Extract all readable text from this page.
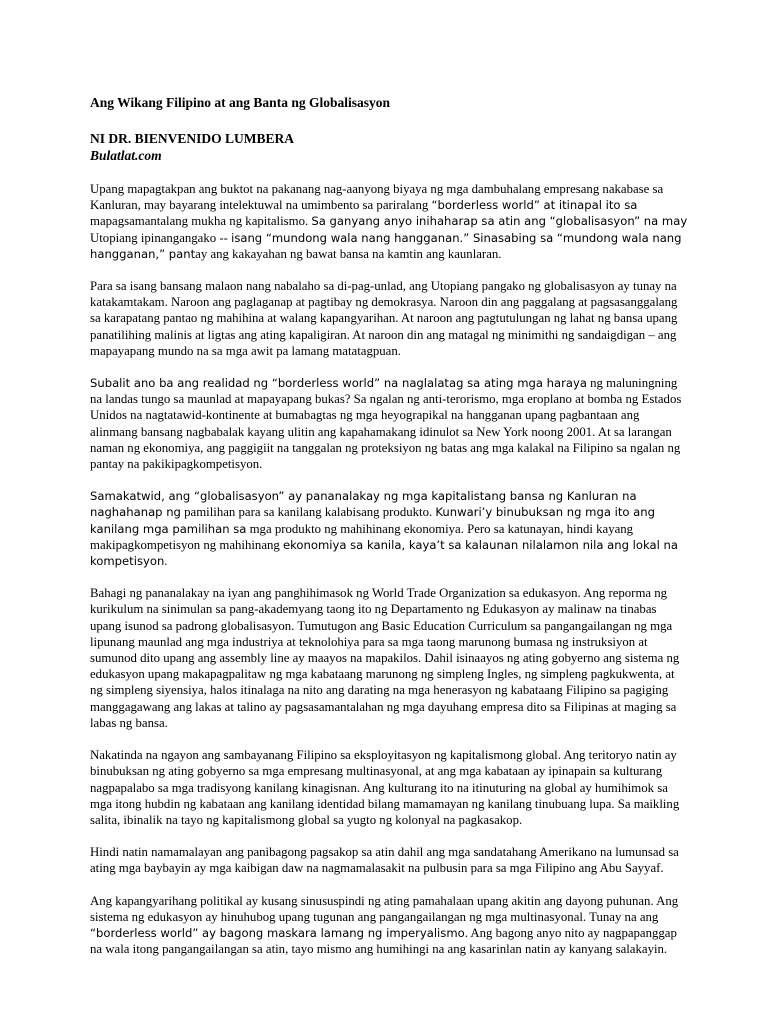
Ang Wikang Filipino at ang Banta ng Globalisasyon
NI DR. BIENVENIDO LUMBERA
Bulatlat.com

Upang mapagtakpan ang buktot na pakanang nag-aanyong biyaya ng mga dambuhalang empresang nakabase sa Kanluran, may bayarang intelektuwal na umimbento sa pariralang “borderless world” at itinapal ito sa mapagsamantalang mukha ng kapitalismo. Sa ganyang anyo inihaharap sa atin ang “globalisasyon” na may Utopiang ipinangangako -- isang “mundong wala nang hangganan.” Sinasabing sa “mundong wala nang hangganan,” pantay ang kakayahan ng bawat bansa na kamtin ang kaunlaran.

Para sa isang bansang malaon nang nabalaho sa di-pag-unlad, ang Utopiang pangako ng globalisasyon ay tunay na katakamtakam. Naroon ang paglaganap at pagtibay ng demokrasya. Naroon din ang paggalang at pagsasanggalang sa karapatang pantao ng mahihina at walang kapangyarihan. At naroon ang pagtutulungan ng lahat ng bansa upang panatilihing malinis at ligtas ang ating kapaligiran. At naroon din ang matagal ng minimithi ng sandaigdigan – ang mapayapang mundo na sa mga awit pa lamang matatagpuan.

Subalit ano ba ang realidad ng “borderless world” na naglalatag sa ating mga haraya ng maluningning na landas tungo sa maunlad at mapayapang bukas? Sa ngalan ng anti-terorismo, mga eroplano at bomba ng Estados Unidos na nagtatawid-kontinente at bumabagtas ng mga heyograpikal na hangganan upang pagbantaan ang alinmang bansang nagbabalak kayang ulitin ang kapahamakang idinulot sa New York noong 2001. At sa larangan naman ng ekonomiya, ang paggigiit na tanggalan ng proteksiyon ng batas ang mga kalakal na Filipino sa ngalan ng pantay na pakikipagkompetisyon.

Samakatwid, ang “globalisasyon” ay pananalakay ng mga kapitalistang bansa ng Kanluran na naghahanap ng pamilihan para sa kanilang kalabisang produkto. Kunwari’y binubuksan ng mga ito ang kanilang mga pamilihan sa mga produkto ng mahihinang ekonomiya. Pero sa katunayan, hindi kayang makipagkompetisyon ng mahihinang ekonomiya sa kanila, kaya’t sa kalaunan nilalamon nila ang lokal na kompetisyon.

Bahagi ng pananalakay na iyan ang panghihimasok ng World Trade Organization sa edukasyon. Ang reporma ng kurikulum na sinimulan sa pang-akademyang taong ito ng Departamento ng Edukasyon ay malinaw na tinabas upang isunod sa padrong globalisasyon. Tumutugon ang Basic Education Curriculum sa pangangailangan ng mga lipunang maunlad ang mga industriya at teknolohiya para sa mga taong marunong bumasa ng instruksiyon at sumunod dito upang ang assembly line ay maayos na mapakilos. Dahil isinaayos ng ating gobyerno ang sistema ng edukasyon upang makapagpalitaw ng mga kabataang marunong ng simpleng Ingles, ng simpleng pagkukwenta, at ng simpleng siyensiya, halos itinalaga na nito ang darating na mga henerasyon ng kabataang Filipino sa pagiging manggagawang ang lakas at talino ay pagsasamantalahan ng mga dayuhang empresa dito sa Filipinas at maging sa labas ng bansa.

Nakatinda na ngayon ang sambayanang Filipino sa eksployitasyon ng kapitalismong global. Ang teritoryo natin ay binubuksan ng ating gobyerno sa mga empresang multinasyonal, at ang mga kabataan ay ipinapain sa kulturang nagpapalabo sa mga tradisyong kanilang kinagisnan. Ang kulturang ito na itinuturing na global ay humihimok sa mga itong hubdin ng kabataan ang kanilang identidad bilang mamamayan ng kanilang tinubuang lupa. Sa maikling salita, ibinalik na tayo ng kapitalismong global sa yugto ng kolonyal na pagkasakop.

Hindi natin namamalayan ang panibagong pagsakop sa atin dahil ang mga sandatahang Amerikano na lumunsad sa ating mga baybayin ay mga kaibigan daw na nagmamalasakit na pulbusin para sa mga Filipino ang Abu Sayyaf.

Ang kapangyarihang politikal ay kusang sinususpindi ng ating pamahalaan upang akitin ang dayong puhunan. Ang sistema ng edukasyon ay hinuhubog upang tugunan ang pangangailangan ng mga multinasyonal. Tunay na ang “borderless world” ay bagong maskara lamang ng imperyalismo. Ang bagong anyo nito ay nagpapanggap na wala itong pangangailangan sa atin, tayo mismo ang humihingi na ang kasarinlan natin ay kanyang salakayin.
